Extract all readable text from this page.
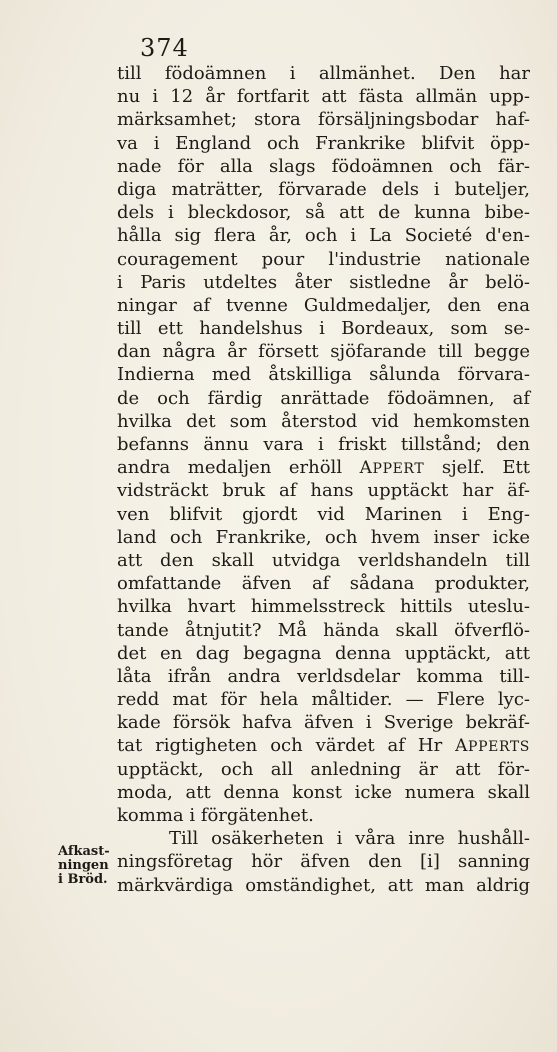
374
Afkast-
ningen
i Bröd.
till födoämnen i allmänhet. Den har
nu i 12 år fortfarit att fästa allmän upp-
märksamhet; stora försäljningsbodar haf-
va i England och Frankrike blifvit öpp-
nade för alla slags födoämnen och fär-
diga maträtter, förvarade dels i buteljer,
dels i bleckdosor, så att de kunna bibe-
hålla sig flera år, och i La Societé d'en-
couragement pour l'industrie nationale
i Paris utdeltes åter sistledne år belö-
ningar af tvenne Guldmedaljer, den ena
till ett handelshus i Bordeaux, som se-
dan några år försett sjöfarande till begge
Indierna med åtskilliga sålunda förvara-
de och färdig anrättade födoämnen, af
hvilka det som återstod vid hemkomsten
befanns ännu vara i friskt tillstånd; den
andra medaljen erhöll APPERT sjelf. Ett
vidsträckt bruk af hans upptäckt har äf-
ven blifvit gjordt vid Marinen i Eng-
land och Frankrike, och hvem inser icke
att den skall utvidga verldshandeln till
omfattande äfven af sådana produkter,
hvilka hvart himmelsstreck hittils uteslu-
tande åtnjutit? Må hända skall öfverflö-
det en dag begagna denna upptäckt, att
låta ifrån andra verldsdelar komma till-
redd mat för hela måltider. — Flere lyc-
kade försök hafva äfven i Sverige bekräf-
tat rigtigheten och värdet af Hr APPERTS
upptäckt, och all anledning är att för-
moda, att denna konst icke numera skall
komma i förgätenhet.
Till osäkerheten i våra inre hushåll-
ningsföretag hör äfven den [i] sanning
märkvärdiga omständighet, att man aldrig
